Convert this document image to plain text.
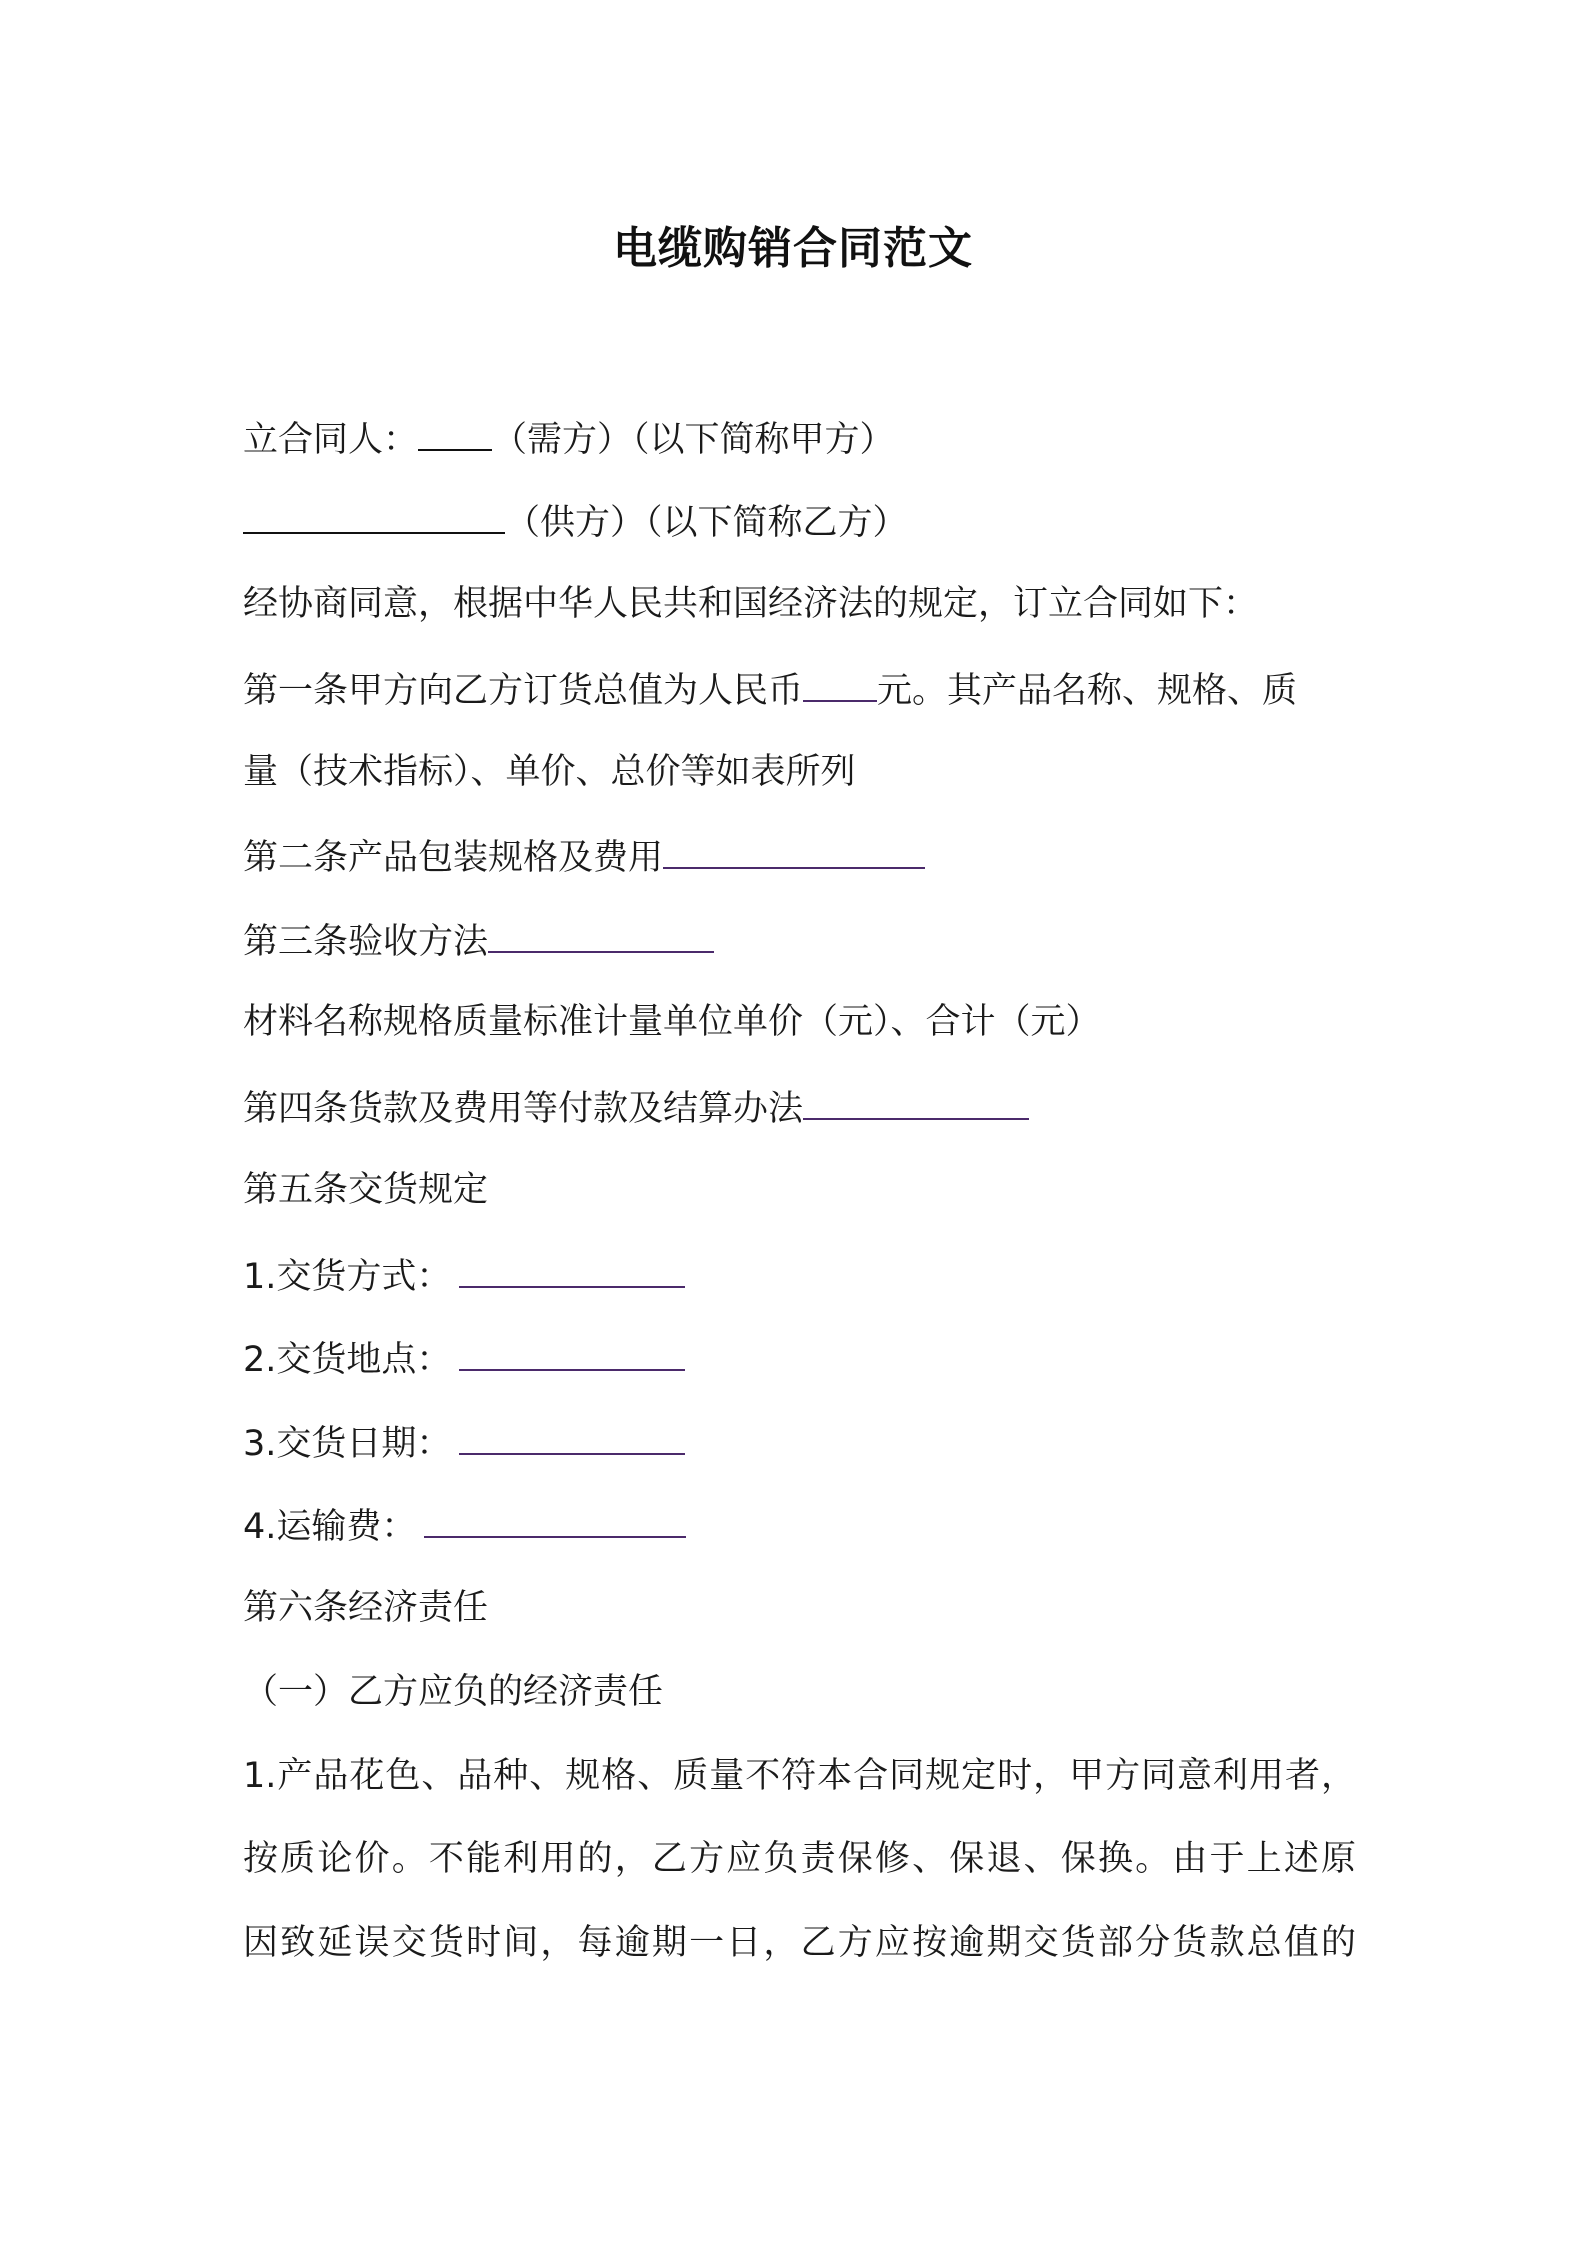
电缆购销合同范文
立合同人： （需方）（以下简称甲方）
（供方）（以下简称乙方）
经协商同意，根据中华人民共和国经济法的规定，订立合同如下：
第一条甲方向乙方订货总值为人民币 元。其产品名称、规格、质
量（技术指标）、单价、总价等如表所列
第二条产品包装规格及费用
第三条验收方法
材料名称规格质量标准计量单位单价（元）、合计（元）
第四条货款及费用等付款及结算办法
第五条交货规定
1.交货方式：
2.交货地点：
3.交货日期：
4.运输费：
第六条经济责任
（一）乙方应负的经济责任
1.产品花色、品种、规格、质量不符本合同规定时，甲方同意利用者，
按质论价。不能利用的，乙方应负责保修、保退、保换。由于上述原
因致延误交货时间，每逾期一日，乙方应按逾期交货部分货款总值的
